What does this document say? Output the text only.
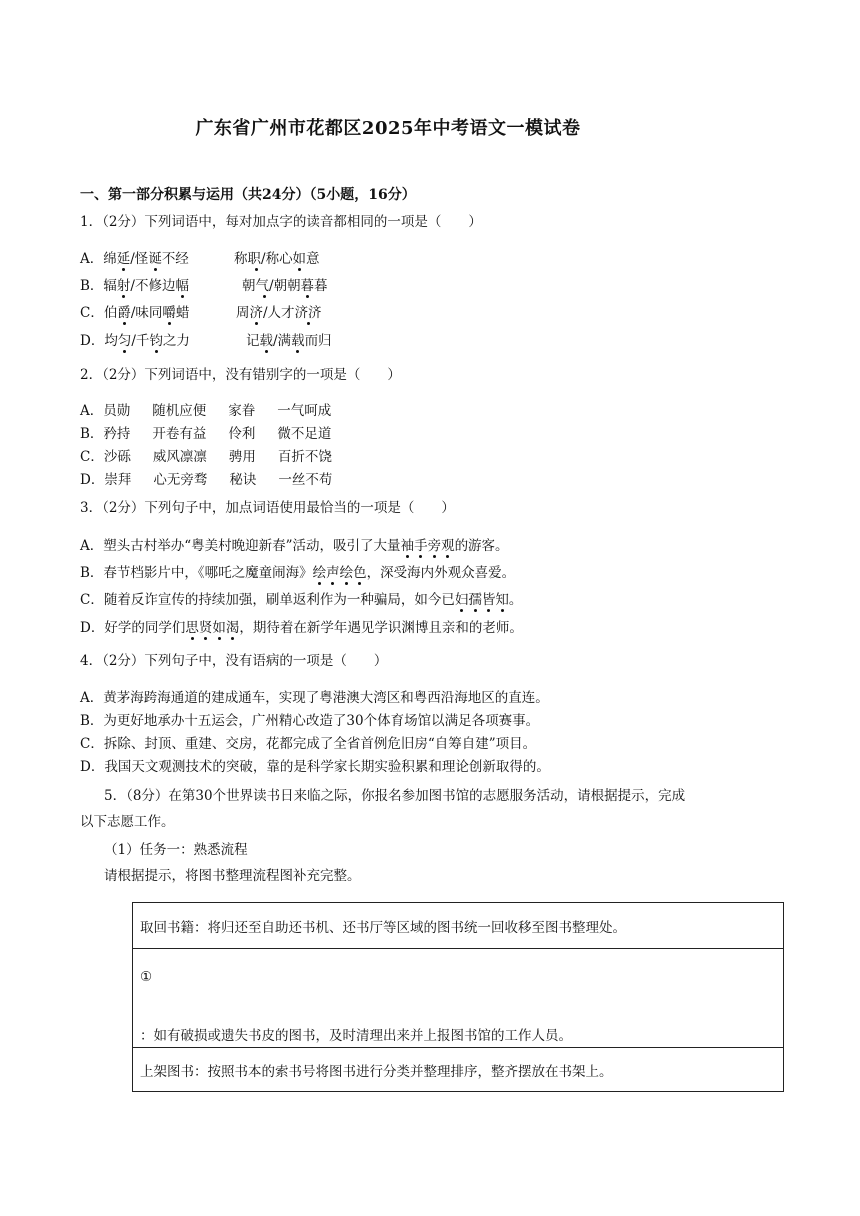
广东省广州市花都区2025年中考语文一模试卷
一、第一部分积累与运用（共24分）（5小题，16分）
1．（2分）下列词语中，每对加点字的读音都相同的一项是（　　）
A．绵延/怪诞不经	称职/称心如意
B．辐射/不修边幅	朝气/朝朝暮暮
C．伯爵/味同嚼蜡	周济/人才济济
D．均匀/千钧之力	记载/满载而归
2．（2分）下列词语中，没有错别字的一项是（　　）
A．员勋 随机应便 家眷 一气呵成
B．矜持 开卷有益 伶利 微不足道
C．沙砾 威风凛凛 骋用 百折不饶
D．崇拜 心无旁骛 秘诀 一丝不苟
3．（2分）下列句子中，加点词语使用最恰当的一项是（　　）
A．塑头古村举办“粤美村晚迎新春”活动，吸引了大量袖手旁观的游客。
B．春节档影片中，《哪吒之魔童闹海》绘声绘色，深受海内外观众喜爱。
C．随着反诈宣传的持续加强，刷单返利作为一种骗局，如今已妇孺皆知。
D．好学的同学们思贤如渴，期待着在新学年遇见学识渊博且亲和的老师。
4．（2分）下列句子中，没有语病的一项是（　　）
A．黄茅海跨海通道的建成通车，实现了粤港澳大湾区和粤西沿海地区的直连。
B．为更好地承办十五运会，广州精心改造了30个体育场馆以满足各项赛事。
C．拆除、封顶、重建、交房，花都完成了全省首例危旧房“自筹自建”项目。
D．我国天文观测技术的突破，靠的是科学家长期实验积累和理论创新取得的。
5．（8分）在第30个世界读书日来临之际，你报名参加图书馆的志愿服务活动，请根据提示，完成
以下志愿工作。
（1）任务一：熟悉流程
请根据提示，将图书整理流程图补充完整。
取回书籍：将归还至自助还书机、还书厅等区域的图书统一回收移至图书整理处。
①
：如有破损或遗失书皮的图书，及时清理出来并上报图书馆的工作人员。
上架图书：按照书本的索书号将图书进行分类并整理排序，整齐摆放在书架上。
